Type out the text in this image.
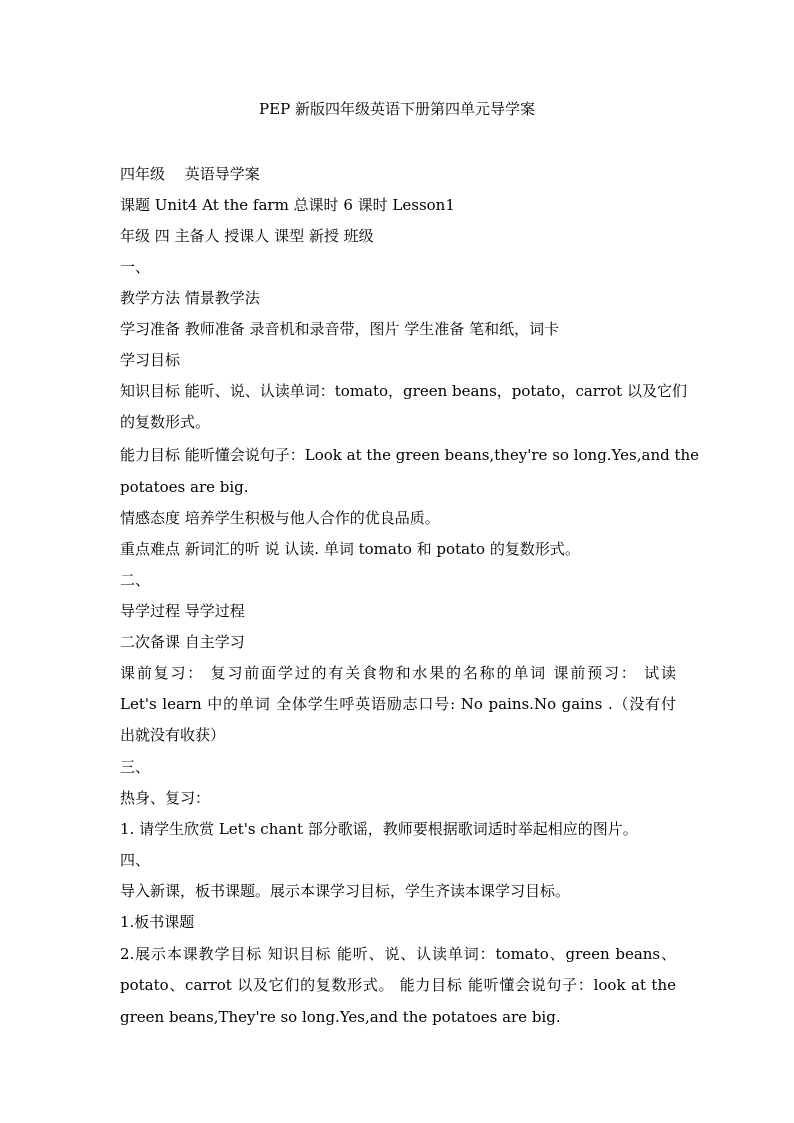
PEP 新版四年级英语下册第四单元导学案
四年级　 英语导学案
课题 Unit4 At the farm 总课时 6 课时 Lesson1
年级 四 主备人 授课人 课型 新授 班级
一、
教学方法 情景教学法
学习准备 教师准备 录音机和录音带，图片 学生准备 笔和纸，词卡
学习目标
知识目标 能听、说、认读单词：tomato，green beans，potato，carrot 以及它们
的复数形式。
能力目标 能听懂会说句子：Look at the green beans,they're so long.Yes,and the
potatoes are big.
情感态度 培养学生积极与他人合作的优良品质。
重点难点 新词汇的听 说 认读. 单词 tomato 和 potato 的复数形式。
二、
导学过程 导学过程
二次备课 自主学习
课前复习： 复习前面学过的有关食物和水果的名称的单词 课前预习： 试读
Let's learn 中的单词 全体学生呼英语励志口号: No pains.No gains .（没有付
出就没有收获）
三、
热身、复习：
1. 请学生欣赏 Let's chant 部分歌谣，教师要根据歌词适时举起相应的图片。
四、
导入新课，板书课题。展示本课学习目标，学生齐读本课学习目标。
1.板书课题
2.展示本课教学目标 知识目标 能听、说、认读单词：tomato、green beans、
potato、carrot 以及它们的复数形式。 能力目标 能听懂会说句子：look at the
green beans,They're so long.Yes,and the potatoes are big.
